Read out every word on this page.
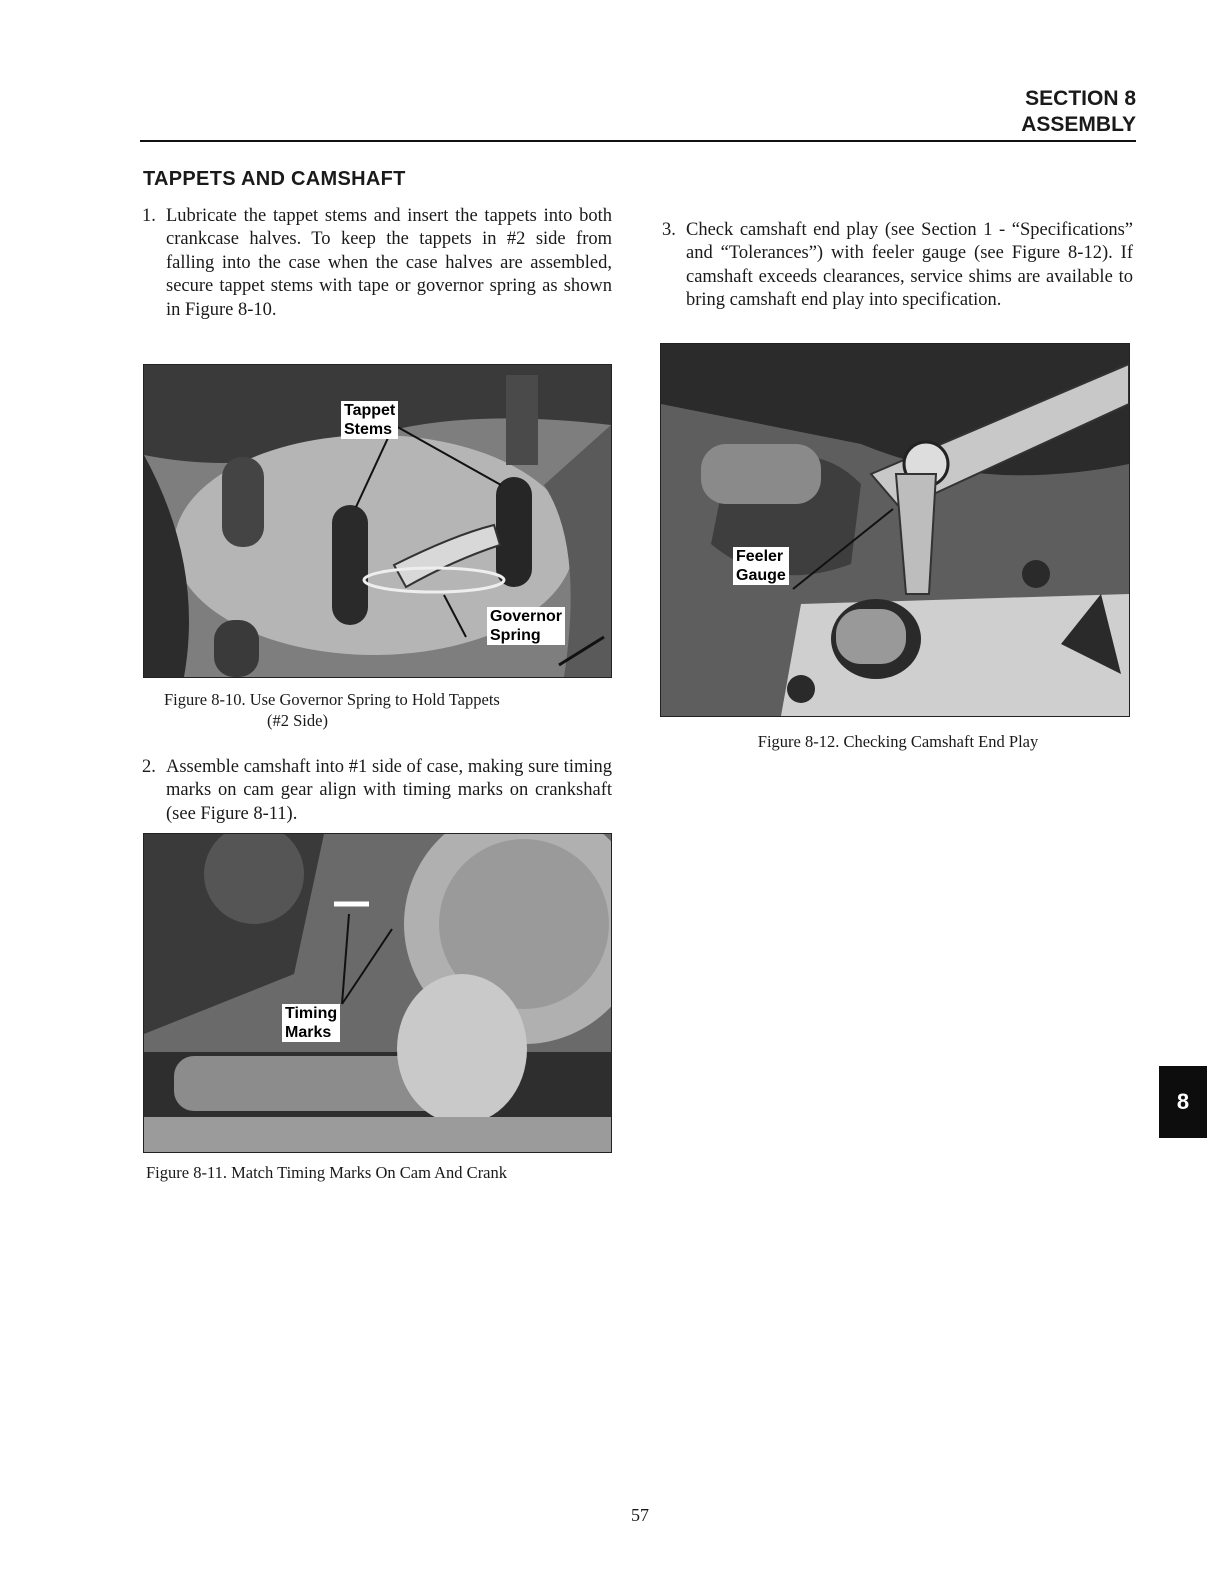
SECTION 8
ASSEMBLY
TAPPETS AND CAMSHAFT
1. Lubricate the tappet stems and insert the tappets into both crankcase halves. To keep the tappets in #2 side from falling into the case when the case halves are assembled, secure tappet stems with tape or governor spring as shown in Figure 8-10.
Tappet
Stems
Governor
Spring
Figure 8-10. Use Governor Spring to Hold Tappets
(#2 Side)
2. Assemble camshaft into #1 side of case, making sure timing marks on cam gear align with timing marks on crankshaft (see Figure 8-11).
Timing
Marks
Figure 8-11. Match Timing Marks On Cam And Crank
3. Check camshaft end play (see Section 1 - “Specifications” and “Tolerances”) with feeler gauge (see Figure 8-12). If camshaft exceeds clearances, service shims are available to bring camshaft end play into specification.
Feeler
Gauge
Figure 8-12. Checking Camshaft End Play
8
57
